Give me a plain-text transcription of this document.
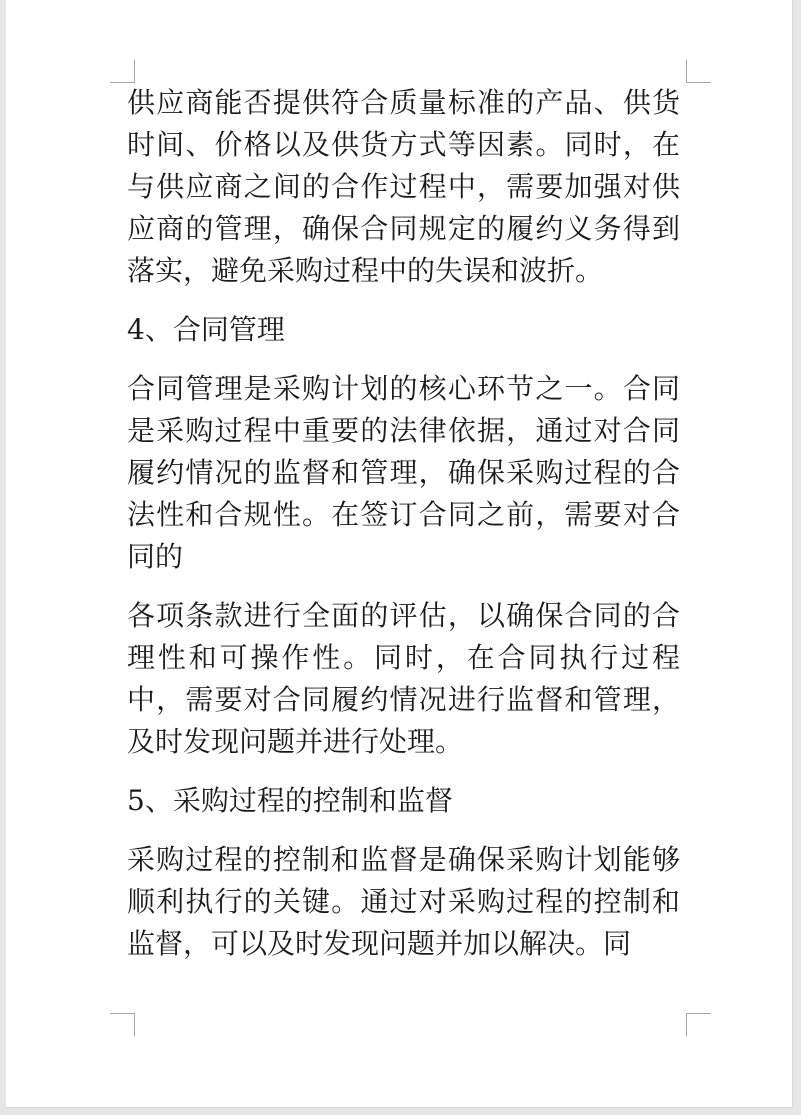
供应商能否提供符合质量标准的产品、供货时间、价格以及供货方式等因素。同时，在与供应商之间的合作过程中，需要加强对供应商的管理，确保合同规定的履约义务得到落实，避免采购过程中的失误和波折。

4、合同管理

合同管理是采购计划的核心环节之一。合同是采购过程中重要的法律依据，通过对合同履约情况的监督和管理，确保采购过程的合法性和合规性。在签订合同之前，需要对合同的

各项条款进行全面的评估，以确保合同的合理性和可操作性。同时，在合同执行过程中，需要对合同履约情况进行监督和管理，及时发现问题并进行处理。

5、采购过程的控制和监督

采购过程的控制和监督是确保采购计划能够顺利执行的关键。通过对采购过程的控制和监督，可以及时发现问题并加以解决。同
